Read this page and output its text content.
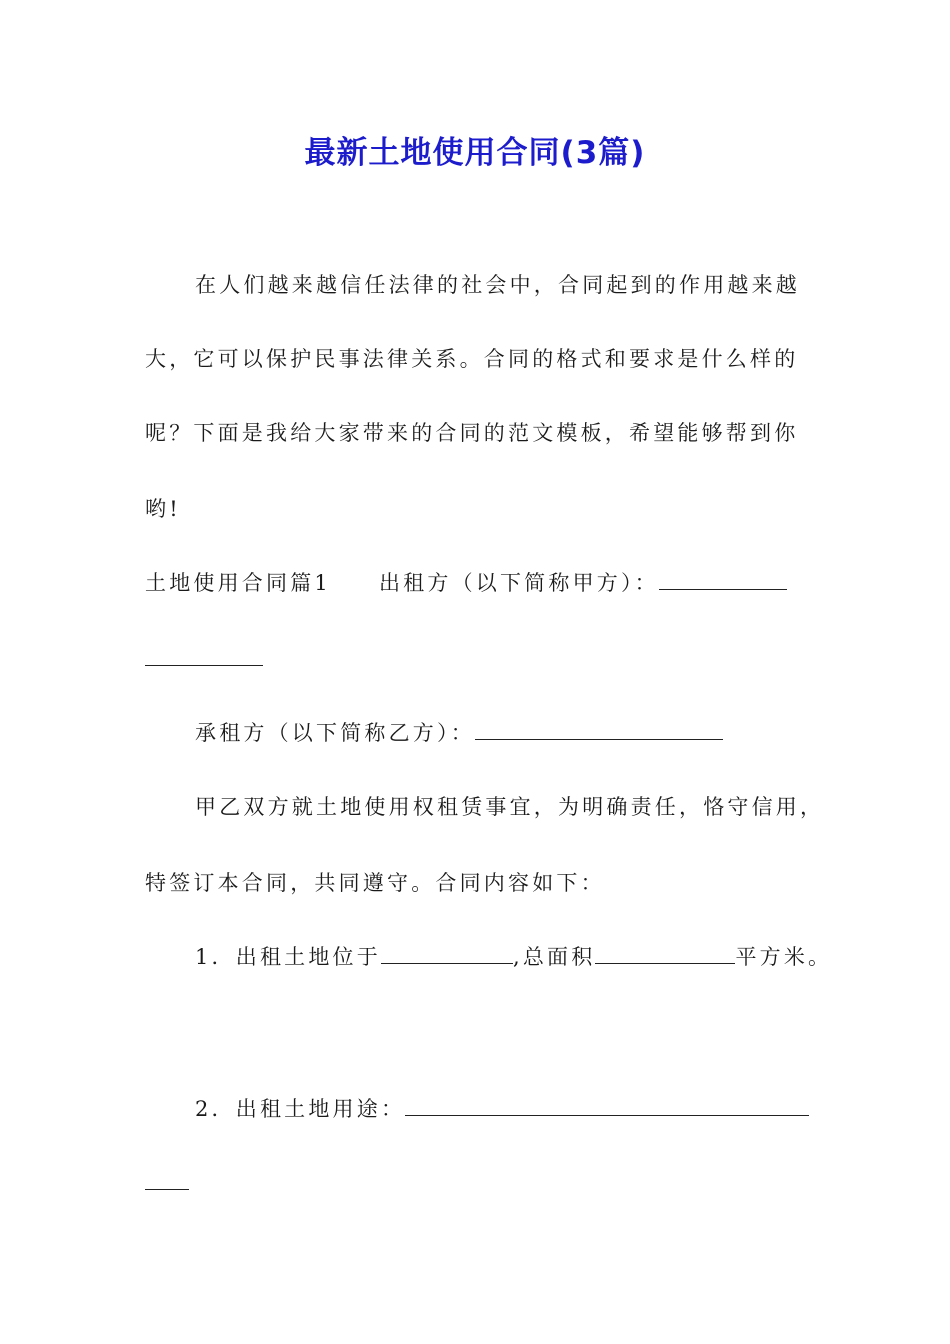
最新土地使用合同(3篇)
在人们越来越信任法律的社会中，合同起到的作用越来越
大，它可以保护民事法律关系。合同的格式和要求是什么样的
呢？下面是我给大家带来的合同的范文模板，希望能够帮到你
哟!
土地使用合同篇1 出租方（以下简称甲方）：
承租方（以下简称乙方）：
甲乙双方就土地使用权租赁事宜，为明确责任，恪守信用，
特签订本合同，共同遵守。合同内容如下：
1．出租土地位于	,总面积	平方米。
2．出租土地用途：
